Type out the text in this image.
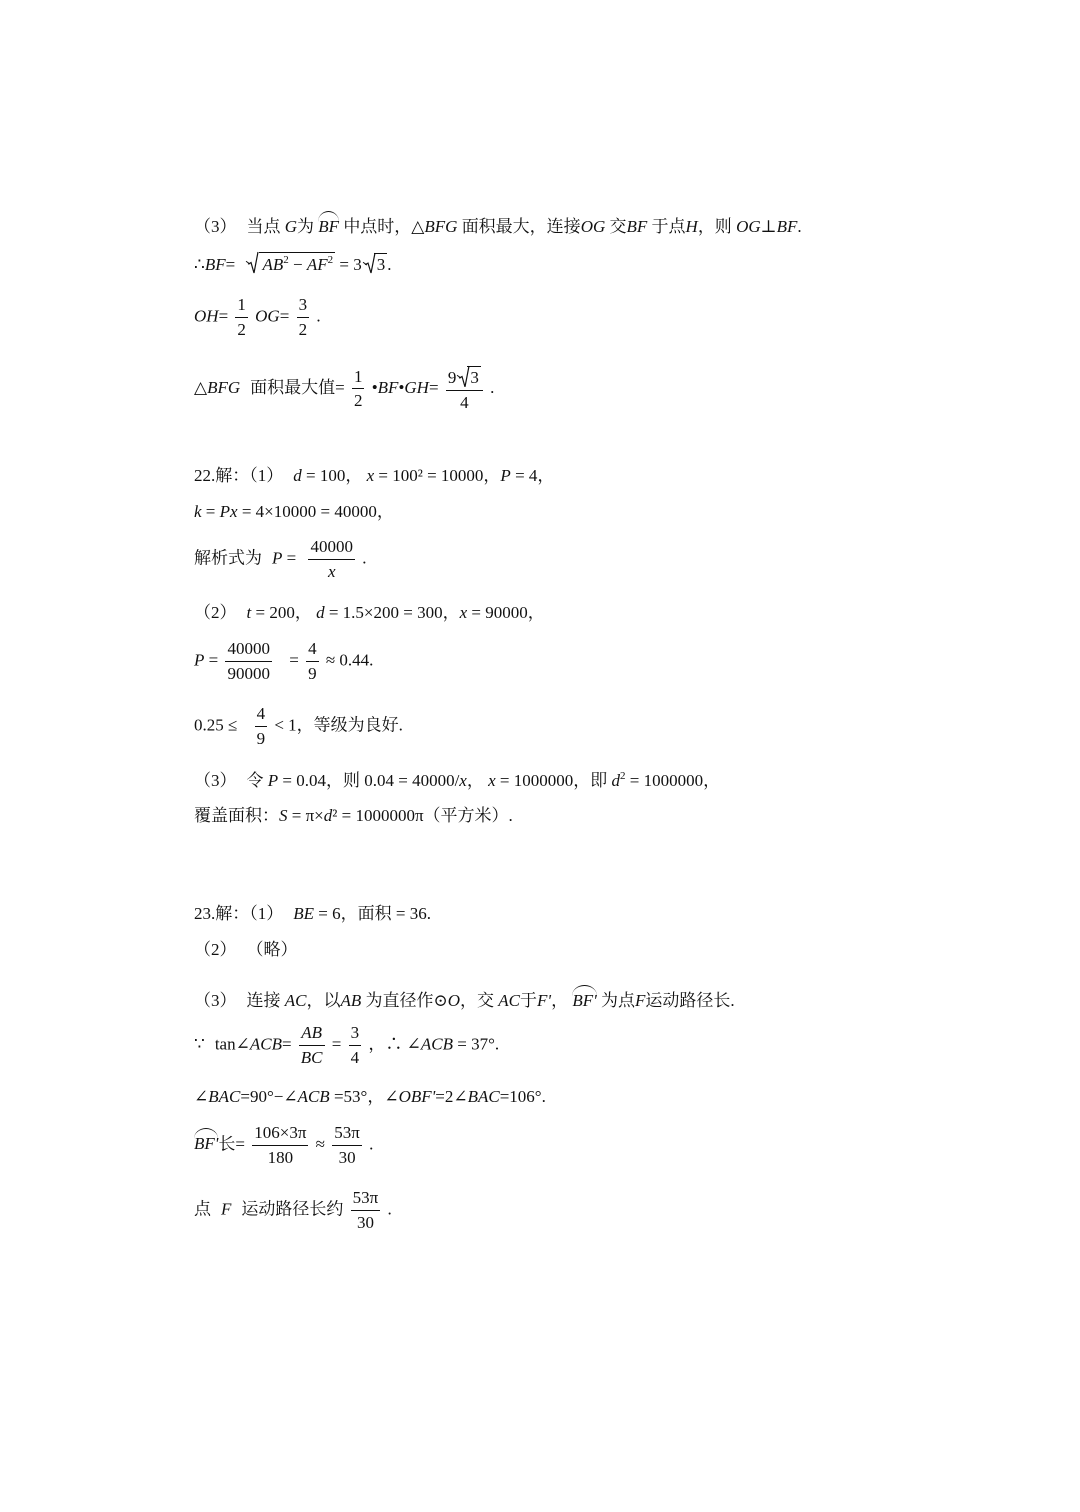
（3） 当点 G为 BF 中点时，△BFG 面积最大，连接OG 交BF 于点H，则 OG⊥BF.
∴BF= $AB^2 - AF^2 = 3$ 3 .
$OH= \frac{1}{2} OG= \frac{3}{2}$ .
△BFG 面积最大值= $\frac{1}{2}$ •BF•GH= $\frac{9 3}{4}$ .
22.解：（1） d = 100， x = 100² = 10000，P = 4，
k = Px = 4×10000 = 40000，
解析式为 $P = \frac{40000}{x}$ .
（2） t = 200， d = 1.5×200 = 300，x = 90000，
$P = \frac{40000}{90000} = \frac{4}{9} \approx 0.44$.
$0.25 \le \frac{4}{9} < 1$，等级为良好.
（3） 令 P = 0.04，则 0.04 = 40000/x， x = 1000000，即 $d^2 = 1000000$，
覆盖面积：S = π×d² = 1000000π（平方米）.
23.解：（1） BE = 6，面积 = 36.
（2） （略）
（3） 连接 AC，以AB 为直径作⊙O，交 AC于F'， BF' 为点F运动路径长.
∵ tan∠ACB= $\frac{AB}{BC} = \frac{3}{4}$ ，∴ ∠ACB = 37°.
∠BAC=90°−∠ACB =53°，∠OBF'=2∠BAC=106°.
BF'长= $\frac{106\times 3\pi}{180} \approx \frac{53\pi}{30}$ .
点 F 运动路径长约 $\frac{53\pi}{30}$ .
